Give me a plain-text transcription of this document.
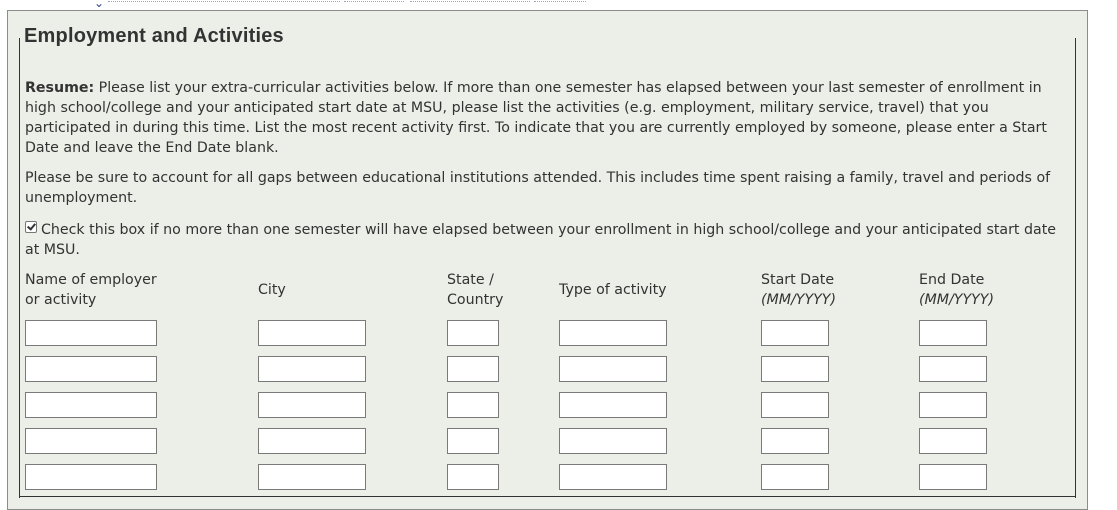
⌄
Employment and Activities
Resume: Please list your extra-curricular activities below. If more than one semester has elapsed between your last semester of enrollment in high school/college and your anticipated start date at MSU, please list the activities (e.g. employment, military service, travel) that you participated in during this time. List the most recent activity first. To indicate that you are currently employed by someone, please enter a Start Date and leave the End Date blank.
Please be sure to account for all gaps between educational institutions attended. This includes time spent raising a family, travel and periods of unemployment.
Check this box if no more than one semester will have elapsed between your enrollment in high school/college and your anticipated start date at MSU.
Name of employer
or activity
City
State /
Country
Type of activity
Start Date
(MM/YYYY)
End Date
(MM/YYYY)
